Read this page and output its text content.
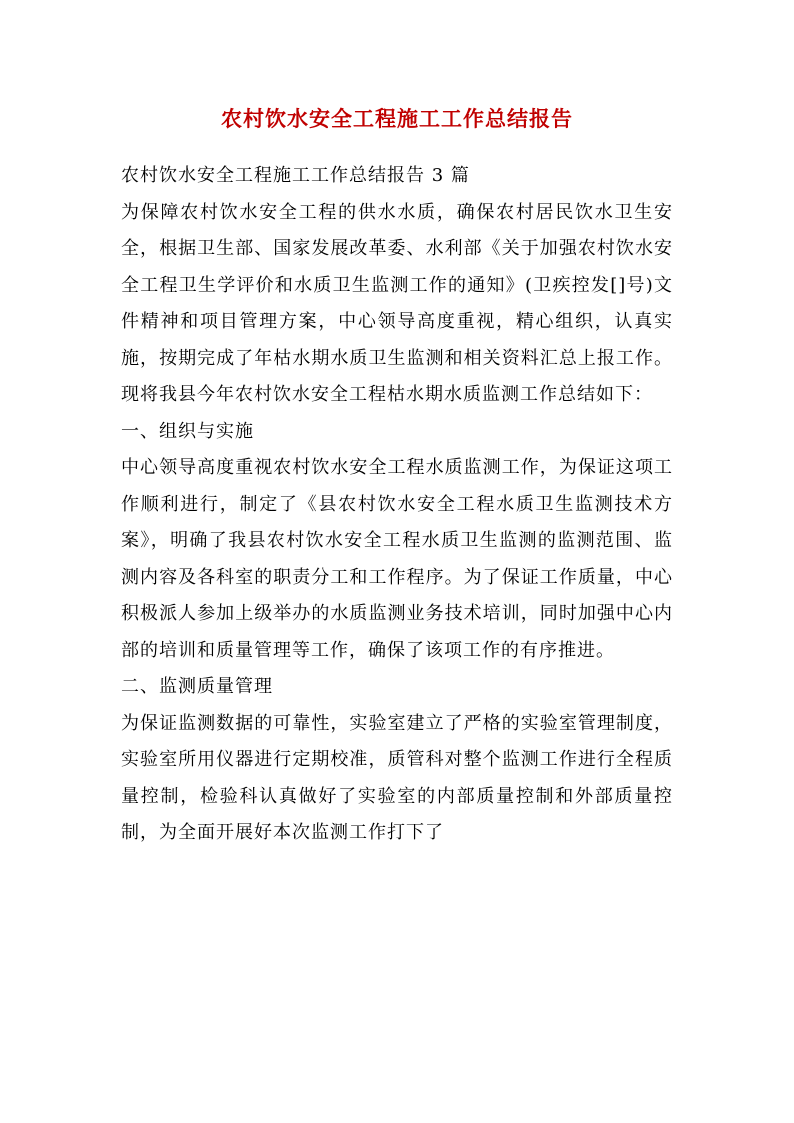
农村饮水安全工程施工工作总结报告

农村饮水安全工程施工工作总结报告 3 篇

为保障农村饮水安全工程的供水水质，确保农村居民饮水卫生安全，根据卫生部、国家发展改革委、水利部《关于加强农村饮水安全工程卫生学评价和水质卫生监测工作的通知》(卫疾控发[]号)文件精神和项目管理方案，中心领导高度重视，精心组织，认真实施，按期完成了年枯水期水质卫生监测和相关资料汇总上报工作。现将我县今年农村饮水安全工程枯水期水质监测工作总结如下：

一、组织与实施

中心领导高度重视农村饮水安全工程水质监测工作，为保证这项工作顺利进行，制定了《县农村饮水安全工程水质卫生监测技术方案》，明确了我县农村饮水安全工程水质卫生监测的监测范围、监测内容及各科室的职责分工和工作程序。为了保证工作质量，中心积极派人参加上级举办的水质监测业务技术培训，同时加强中心内部的培训和质量管理等工作，确保了该项工作的有序推进。

二、监测质量管理

为保证监测数据的可靠性，实验室建立了严格的实验室管理制度，实验室所用仪器进行定期校准，质管科对整个监测工作进行全程质量控制，检验科认真做好了实验室的内部质量控制和外部质量控制，为全面开展好本次监测工作打下了
